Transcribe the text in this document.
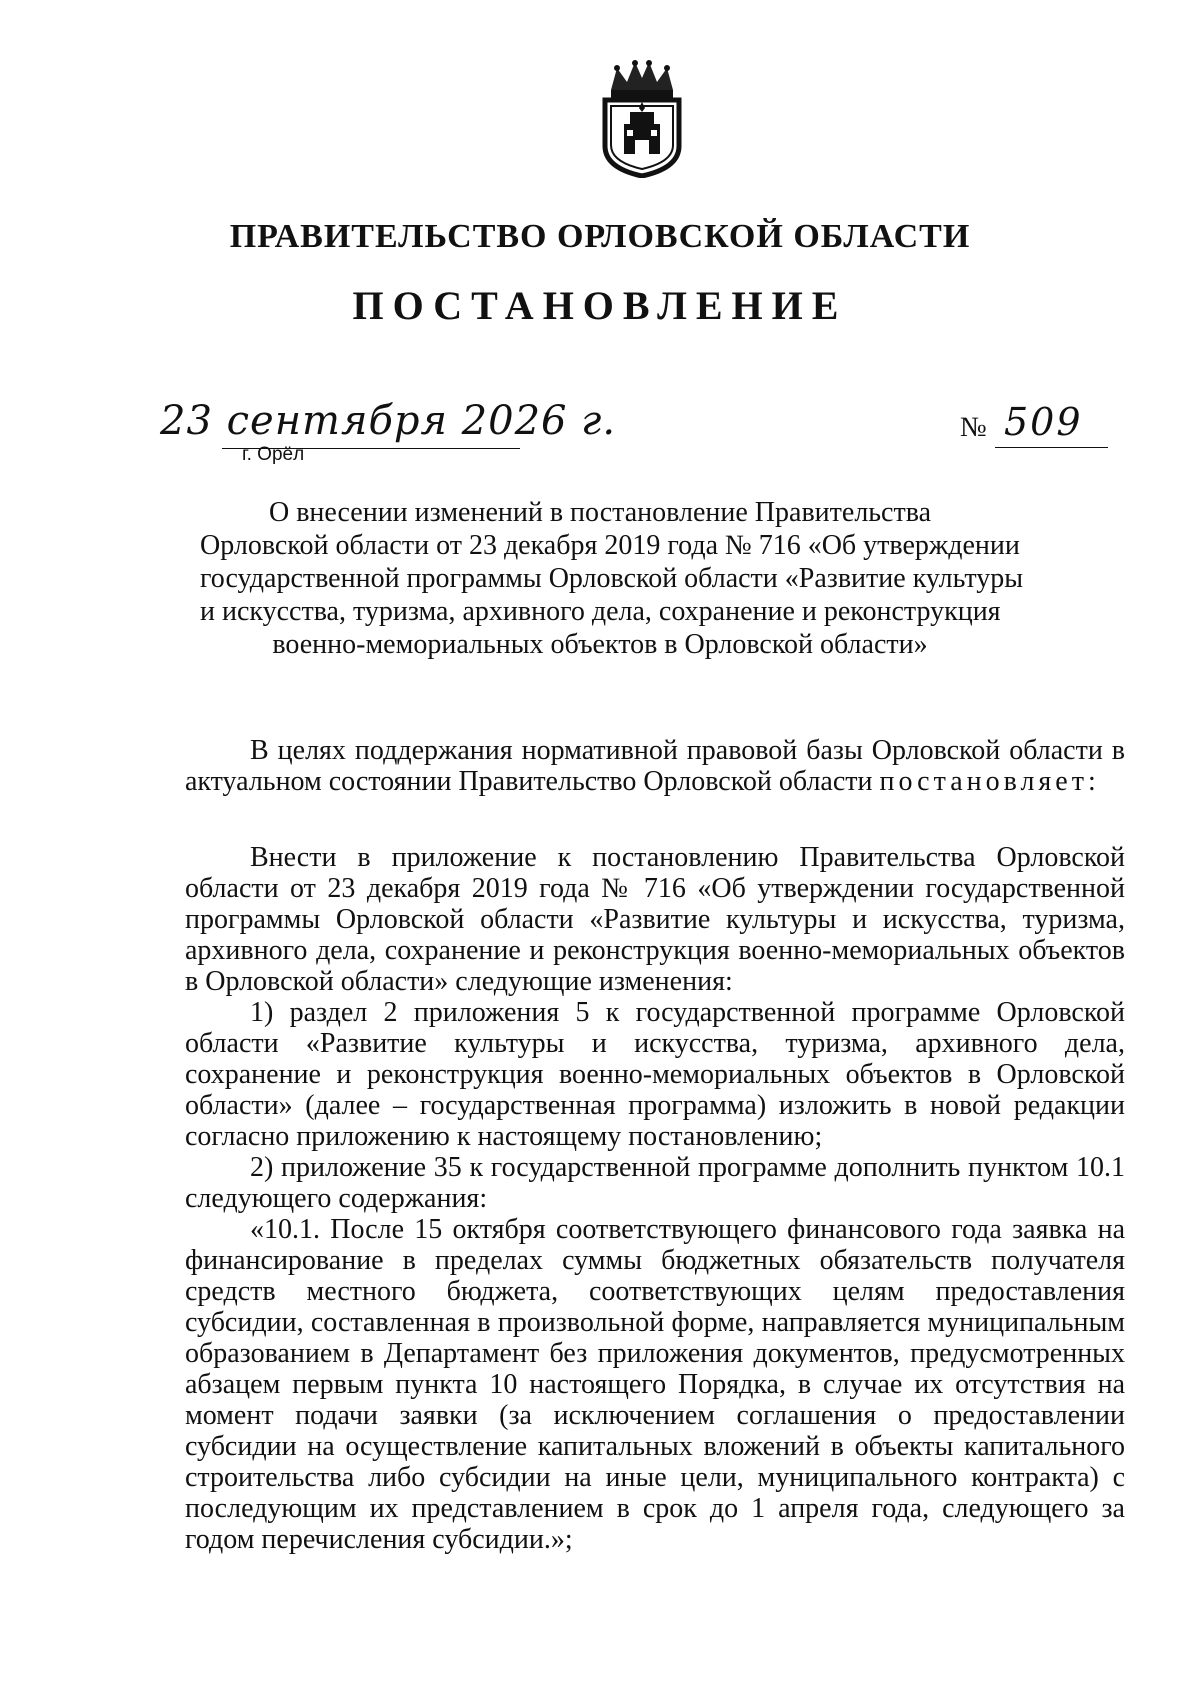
ПРАВИТЕЛЬСТВО ОРЛОВСКОЙ ОБЛАСТИ
ПОСТАНОВЛЕНИЕ
23 сентября 2026 г.
г. Орёл
№ 509
О внесении изменений в постановление Правительства
Орловской области от 23 декабря 2019 года № 716 «Об утверждении
государственной программы Орловской области «Развитие культуры
и искусства, туризма, архивного дела, сохранение и реконструкция
военно-мемориальных объектов в Орловской области»

В целях поддержания нормативной правовой базы Орловской области в актуальном состоянии Правительство Орловской области постановляет:

Внести в приложение к постановлению Правительства Орловской области от 23 декабря 2019 года № 716 «Об утверждении государственной программы Орловской области «Развитие культуры и искусства, туризма, архивного дела, сохранение и реконструкция военно-мемориальных объектов в Орловской области» следующие изменения:

1) раздел 2 приложения 5 к государственной программе Орловской области «Развитие культуры и искусства, туризма, архивного дела, сохранение и реконструкция военно-мемориальных объектов в Орловской области» (далее – государственная программа) изложить в новой редакции согласно приложению к настоящему постановлению;

2) приложение 35 к государственной программе дополнить пунктом 10.1 следующего содержания:

«10.1. После 15 октября соответствующего финансового года заявка на финансирование в пределах суммы бюджетных обязательств получателя средств местного бюджета, соответствующих целям предоставления субсидии, составленная в произвольной форме, направляется муниципальным образованием в Департамент без приложения документов, предусмотренных абзацем первым пункта 10 настоящего Порядка, в случае их отсутствия на момент подачи заявки (за исключением соглашения о предоставлении субсидии на осуществление капитальных вложений в объекты капитального строительства либо субсидии на иные цели, муниципального контракта) с последующим их представлением в срок до 1 апреля года, следующего за годом перечисления субсидии.»;
